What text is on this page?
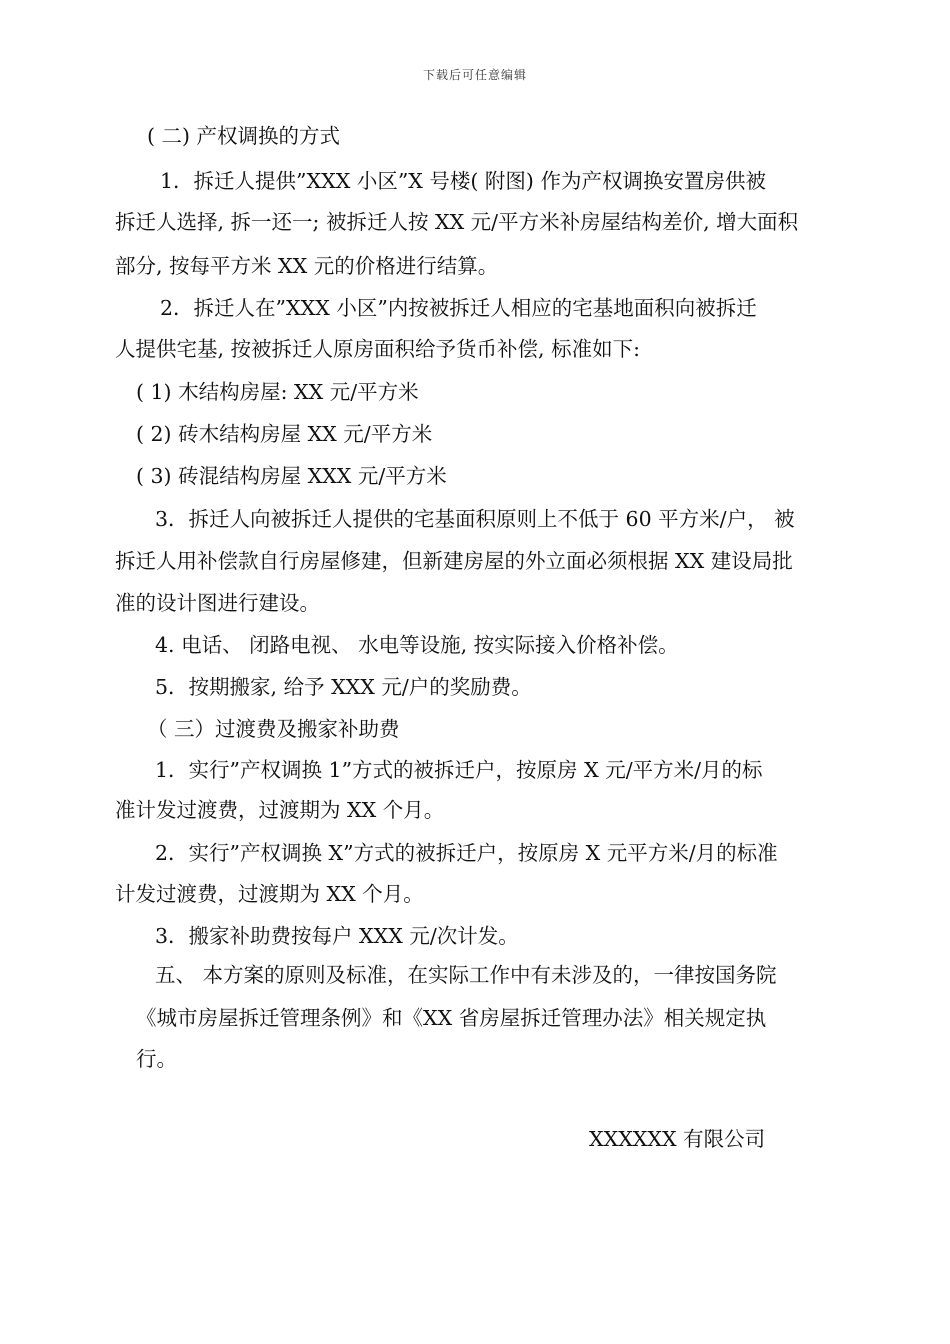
下载后可任意编辑
( 二) 产权调换的方式
1．拆迁人提供”XXX 小区”X 号楼( 附图) 作为产权调换安置房供被
拆迁人选择, 拆一还一; 被拆迁人按 XX 元/平方米补房屋结构差价, 增大面积
部分, 按每平方米 XX 元的价格进行结算。
2．拆迁人在”XXX 小区”内按被拆迁人相应的宅基地面积向被拆迁
人提供宅基, 按被拆迁人原房面积给予货币补偿, 标准如下:
( 1) 木结构房屋: XX 元/平方米
( 2) 砖木结构房屋 XX 元/平方米
( 3) 砖混结构房屋 XXX 元/平方米
3．拆迁人向被拆迁人提供的宅基面积原则上不低于 60 平方米/户， 被
拆迁人用补偿款自行房屋修建，但新建房屋的外立面必须根据 XX 建设局批
准的设计图进行建设。
4. 电话、 闭路电视、 水电等设施, 按实际接入价格补偿。
5．按期搬家, 给予 XXX 元/户的奖励费。
（ 三）过渡费及搬家补助费
1．实行”产权调换 1”方式的被拆迁户，按原房 X 元/平方米/月的标
准计发过渡费，过渡期为 XX 个月。
2．实行”产权调换 X”方式的被拆迁户，按原房 X 元平方米/月的标准
计发过渡费，过渡期为 XX 个月。
3．搬家补助费按每户 XXX 元/次计发。
五、 本方案的原则及标准，在实际工作中有未涉及的，一律按国务院
《城市房屋拆迁管理条例》和《XX 省房屋拆迁管理办法》相关规定执
行。
XXXXXX 有限公司
